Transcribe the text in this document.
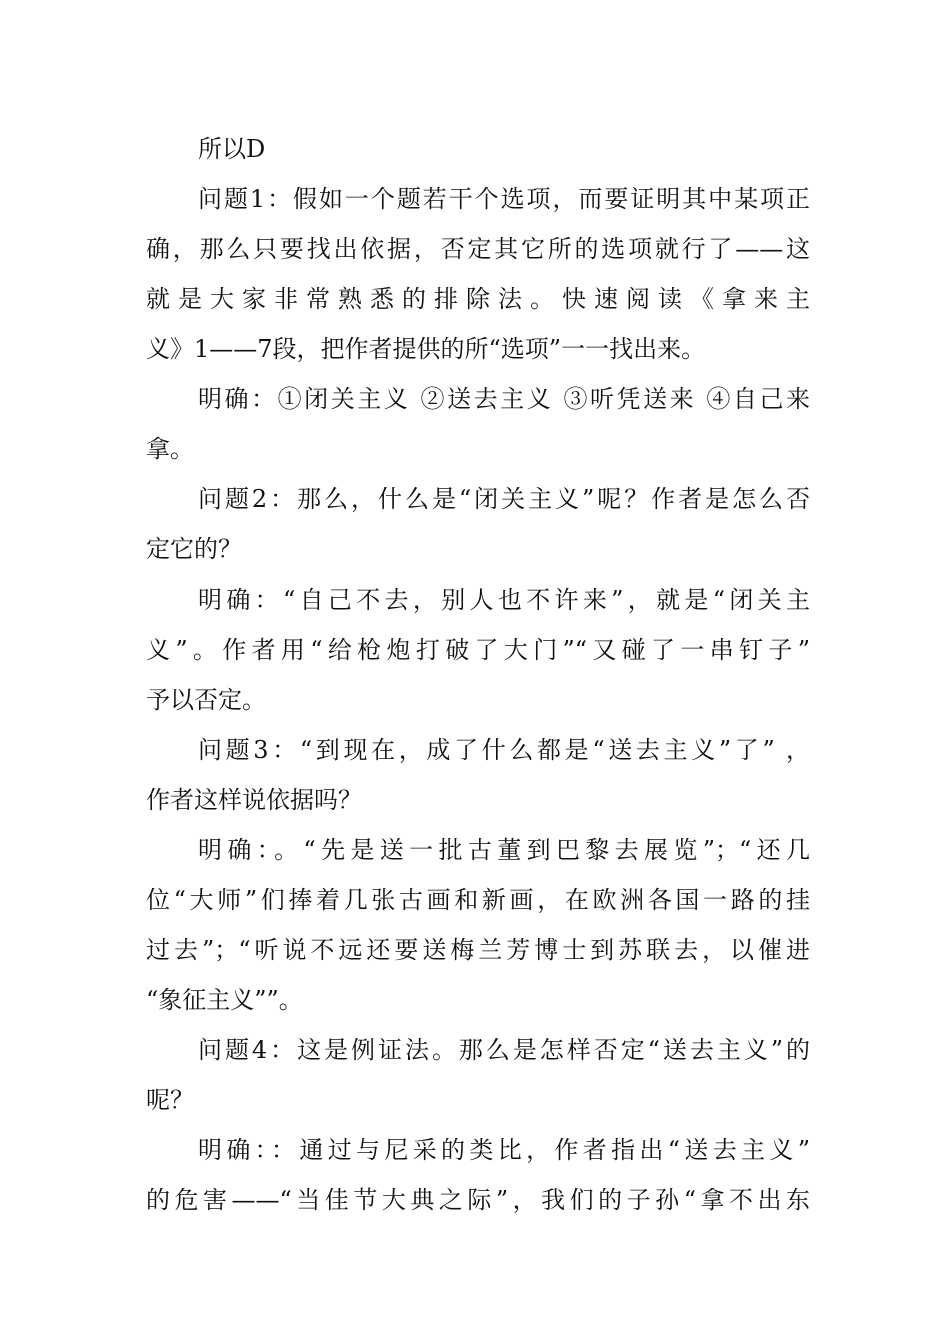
所以D
问题1：假如一个题若干个选项，而要证明其中某项正
确，那么只要找出依据，否定其它所的选项就行了——这
就是大家非常熟悉的排除法。快速阅读《拿来主
义》1——7段，把作者提供的所“选项”一一找出来。
明确：①闭关主义 ②送去主义 ③听凭送来 ④自己来
拿。
问题2：那么，什么是“闭关主义”呢？作者是怎么否
定它的？
明确：“自己不去，别人也不许来”，就是“闭关主
义”。作者用“给枪炮打破了大门”“又碰了一串钉子”
予以否定。
问题3：“到现在，成了什么都是“送去主义”了” ，
作者这样说依据吗？
明确：。“先是送一批古董到巴黎去展览”；“还几
位“大师”们捧着几张古画和新画，在欧洲各国一路的挂
过去”；“听说不远还要送梅兰芳博士到苏联去，以催进
“象征主义””。
问题4：这是例证法。那么是怎样否定“送去主义”的
呢？
明确：：通过与尼采的类比，作者指出“送去主义”
的危害——“当佳节大典之际”，我们的子孙“拿不出东
